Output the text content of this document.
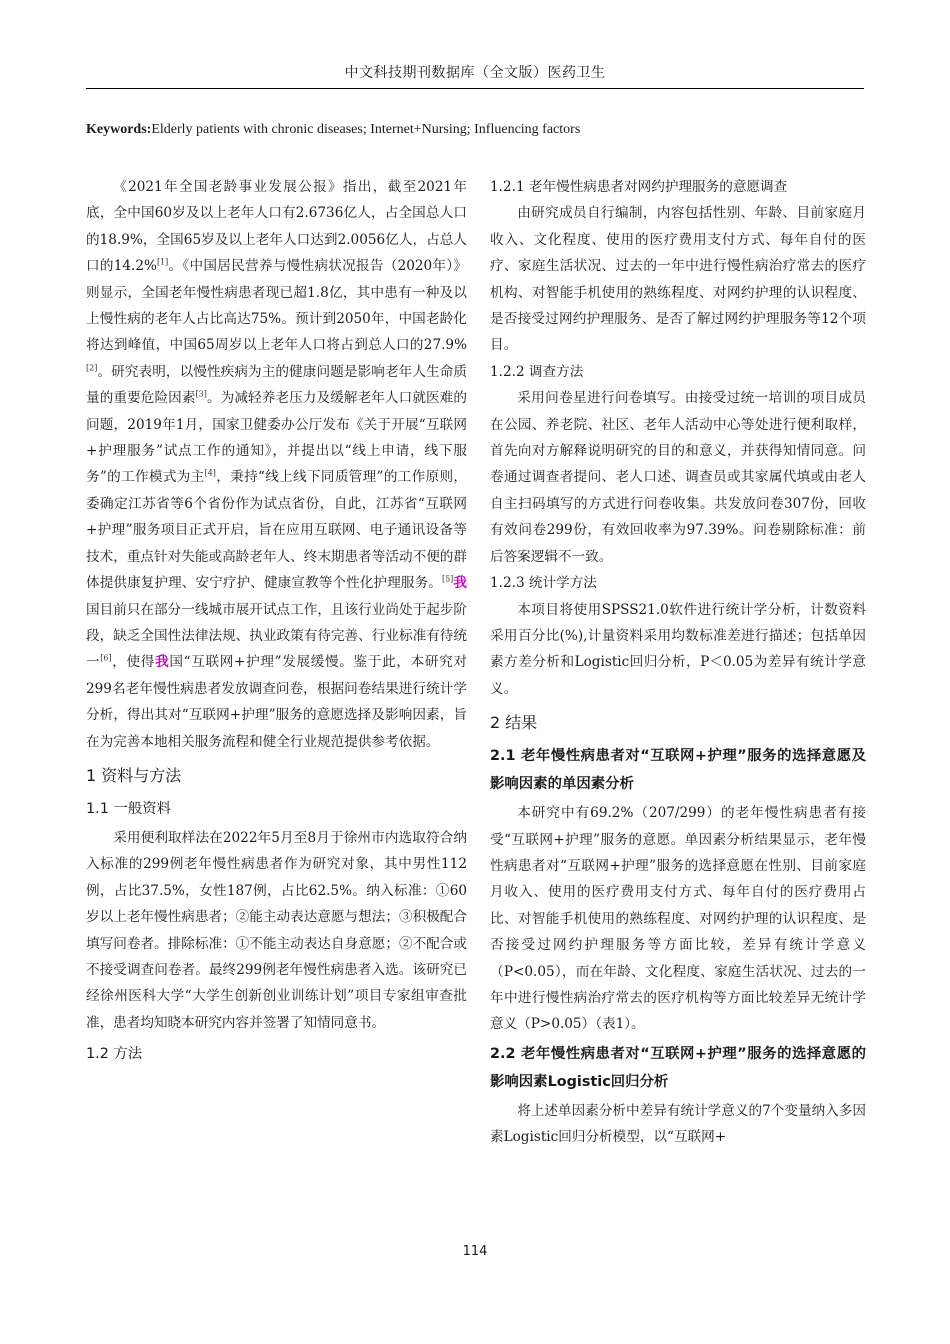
中文科技期刊数据库（全文版）医药卫生
Keywords:Elderly patients with chronic diseases; Internet+Nursing; Influencing factors

《2021年全国老龄事业发展公报》指出，截至2021年底，全中国60岁及以上老年人口有2.6736亿人，占全国总人口的18.9%，全国65岁及以上老年人口达到2.0056亿人，占总人口的14.2%[1]。《中国居民营养与慢性病状况报告（2020年）》则显示，全国老年慢性病患者现已超1.8亿，其中患有一种及以上慢性病的老年人占比高达75%。预计到2050年，中国老龄化将达到峰值，中国65周岁以上老年人口将占到总人口的27.9%[2]。研究表明，以慢性疾病为主的健康问题是影响老年人生命质量的重要危险因素[3]。为减轻养老压力及缓解老年人口就医难的问题，2019年1月，国家卫健委办公厅发布《关于开展“互联网+护理服务”试点工作的通知》，并提出以“线上申请，线下服务”的工作模式为主[4]，秉持“线上线下同质管理”的工作原则，委确定江苏省等6个省份作为试点省份，自此，江苏省“互联网+护理”服务项目正式开启，旨在应用互联网、电子通讯设备等技术，重点针对失能或高龄老年人、终末期患者等活动不便的群体提供康复护理、安宁疗护、健康宣教等个性化护理服务。[5]我国目前只在部分一线城市展开试点工作，且该行业尚处于起步阶段，缺乏全国性法律法规、执业政策有待完善、行业标准有待统一[6]，使得我国“互联网+护理”发展缓慢。鉴于此，本研究对299名老年慢性病患者发放调查问卷，根据问卷结果进行统计学分析，得出其对“互联网+护理”服务的意愿选择及影响因素，旨在为完善本地相关服务流程和健全行业规范提供参考依据。

1 资料与方法
1.1 一般资料

采用便利取样法在2022年5月至8月于徐州市内选取符合纳入标准的299例老年慢性病患者作为研究对象，其中男性112例，占比37.5%，女性187例，占比62.5%。纳入标准：①60岁以上老年慢性病患者；②能主动表达意愿与想法；③积极配合填写问卷者。排除标准：①不能主动表达自身意愿；②不配合或不接受调查问卷者。最终299例老年慢性病患者入选。该研究已经徐州医科大学“大学生创新创业训练计划”项目专家组审查批准，患者均知晓本研究内容并签署了知情同意书。

1.2 方法
1.2.1 老年慢性病患者对网约护理服务的意愿调查

由研究成员自行编制，内容包括性别、年龄、目前家庭月收入、文化程度、使用的医疗费用支付方式、每年自付的医疗、家庭生活状况、过去的一年中进行慢性病治疗常去的医疗机构、对智能手机使用的熟练程度、对网约护理的认识程度、是否接受过网约护理服务、是否了解过网约护理服务等12个项目。

1.2.2 调查方法

采用问卷星进行问卷填写。由接受过统一培训的项目成员在公园、养老院、社区、老年人活动中心等处进行便利取样，首先向对方解释说明研究的目的和意义，并获得知情同意。问卷通过调查者提问、老人口述、调查员或其家属代填或由老人自主扫码填写的方式进行问卷收集。共发放问卷307份，回收有效问卷299份，有效回收率为97.39%。问卷剔除标准：前后答案逻辑不一致。

1.2.3 统计学方法

本项目将使用SPSS21.0软件进行统计学分析，计数资料采用百分比(%),计量资料采用均数标准差进行描述；包括单因素方差分析和Logistic回归分析，P＜0.05为差异有统计学意义。

2 结果
2.1 老年慢性病患者对“互联网+护理”服务的选择意愿及影响因素的单因素分析

本研究中有69.2%（207/299）的老年慢性病患者有接受“互联网+护理”服务的意愿。单因素分析结果显示，老年慢性病患者对“互联网+护理”服务的选择意愿在性别、目前家庭月收入、使用的医疗费用支付方式、每年自付的医疗费用占比、对智能手机使用的熟练程度、对网约护理的认识程度、是否接受过网约护理服务等方面比较，差异有统计学意义（P<0.05），而在年龄、文化程度、家庭生活状况、过去的一年中进行慢性病治疗常去的医疗机构等方面比较差异无统计学意义（P>0.05）（表1）。

2.2 老年慢性病患者对“互联网+护理”服务的选择意愿的影响因素Logistic回归分析

将上述单因素分析中差异有统计学意义的7个变量纳入多因素Logistic回归分析模型，以“互联网+

114
